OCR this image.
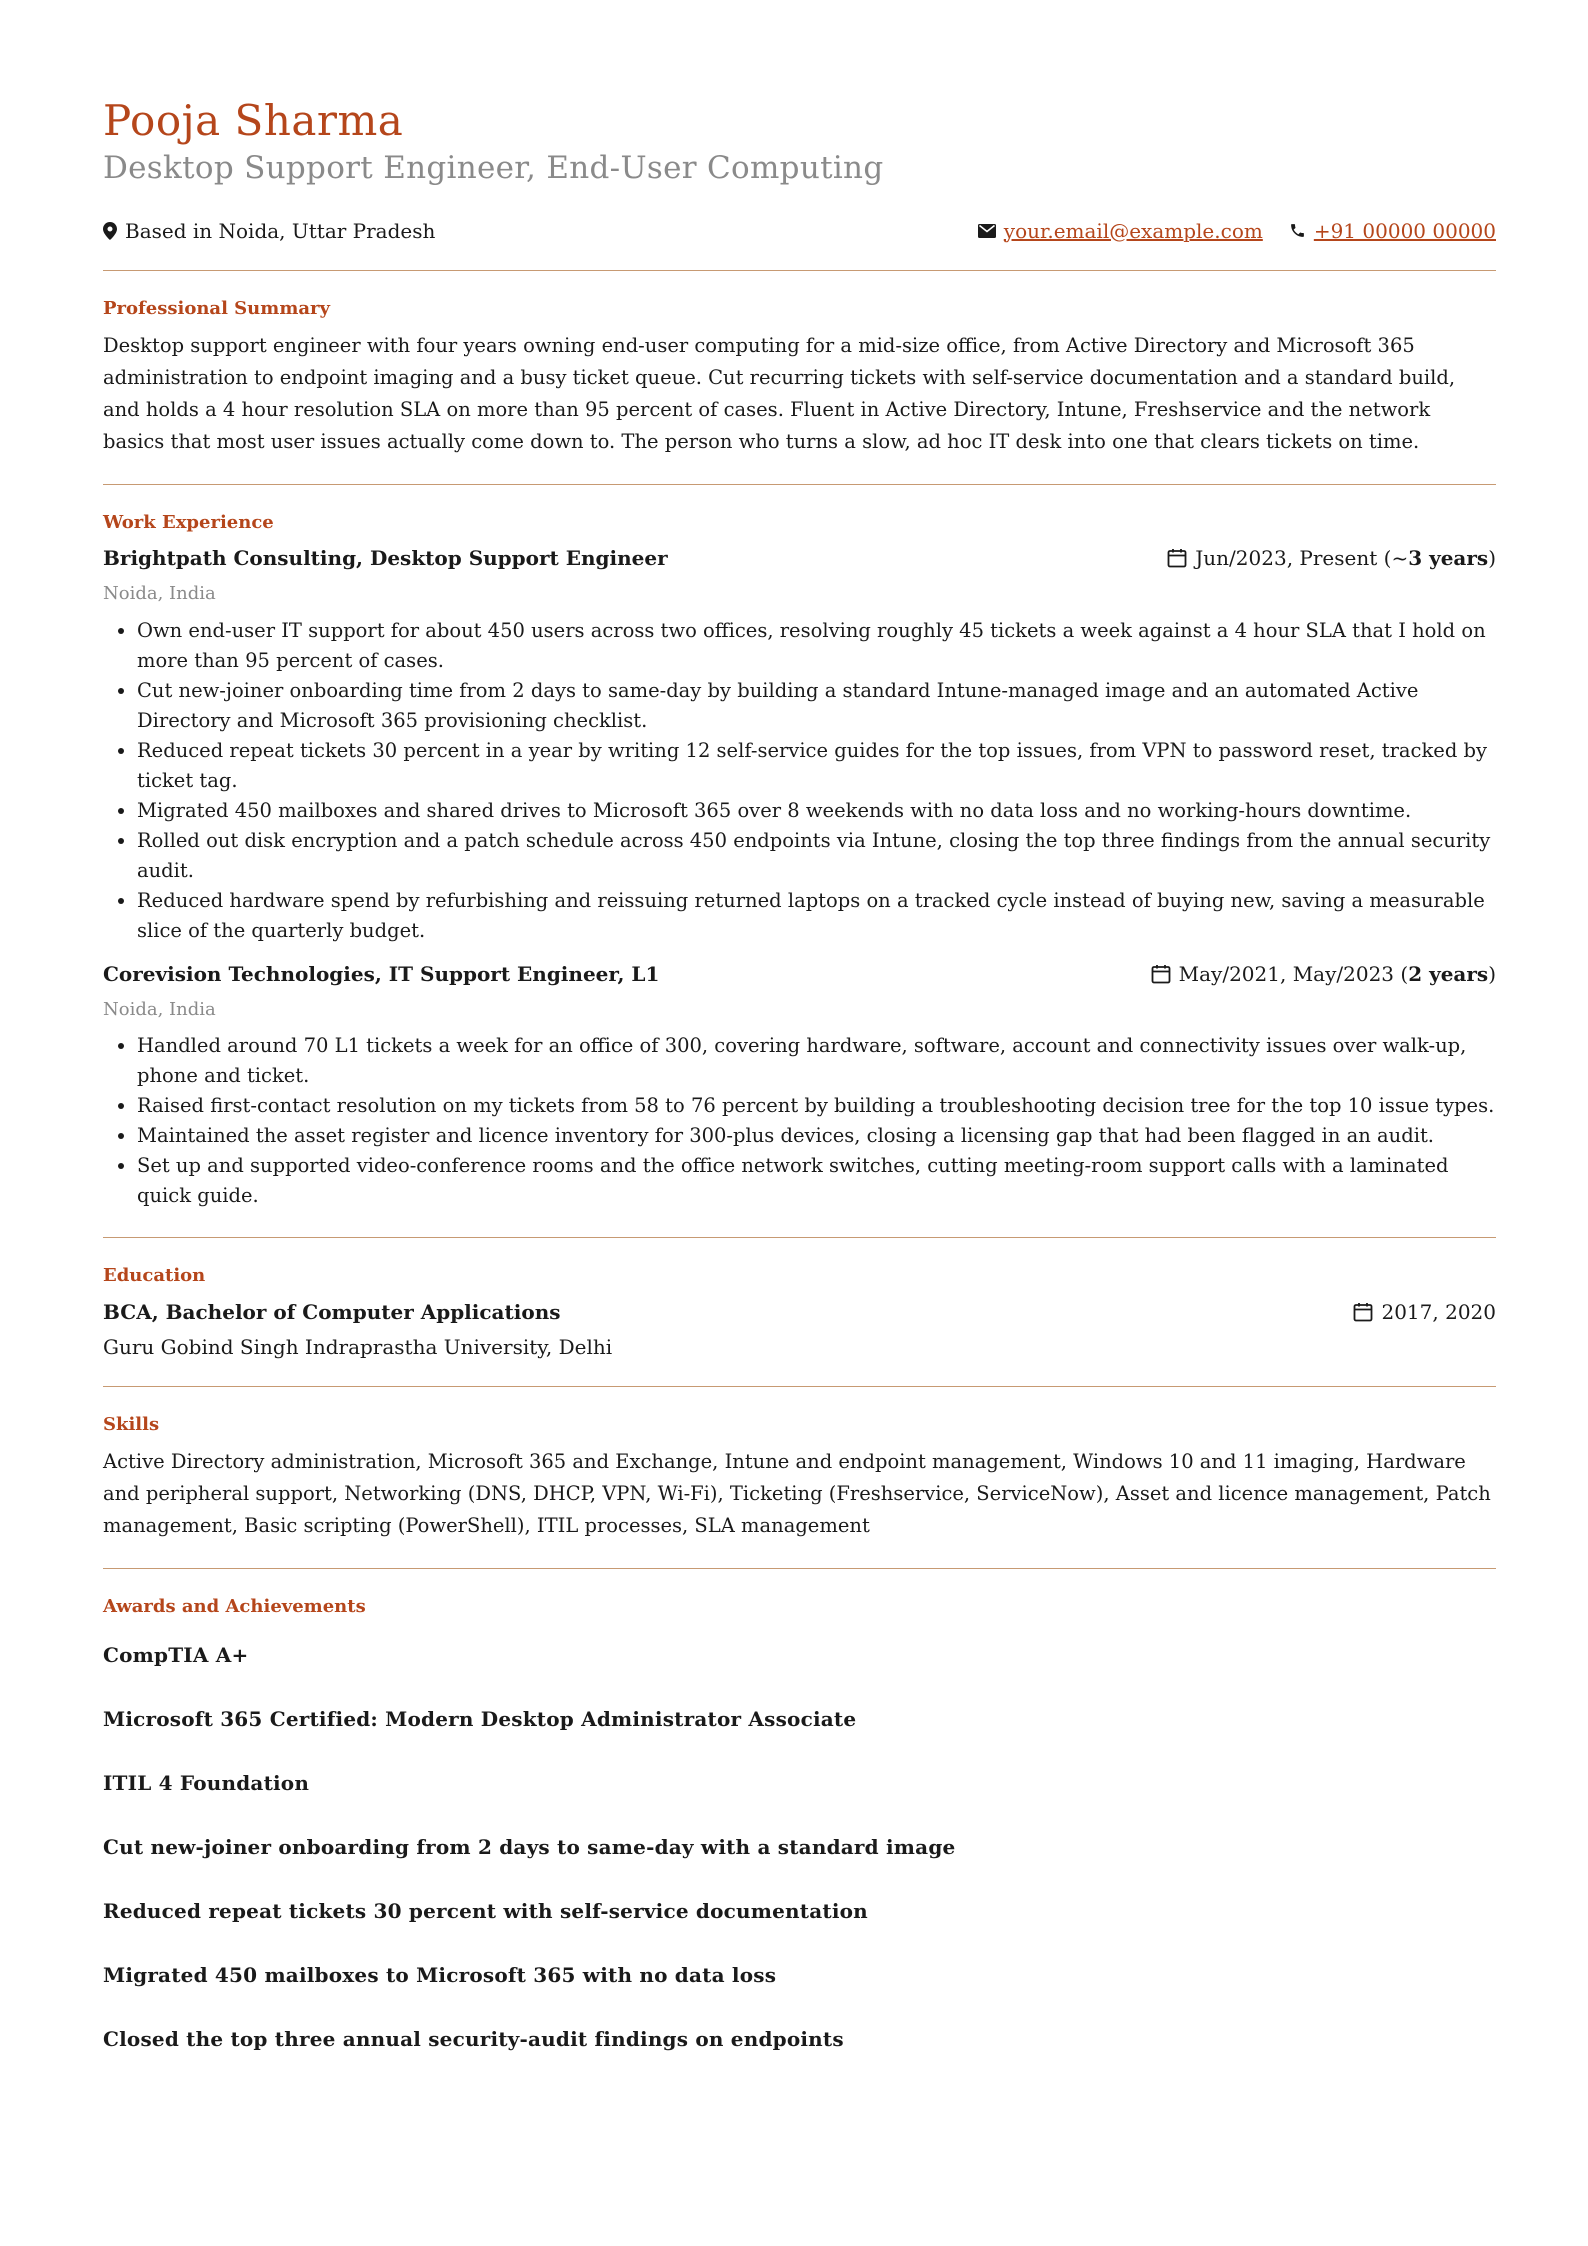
Pooja Sharma
Desktop Support Engineer, End-User Computing
Based in Noida, Uttar Pradesh	your.email@example.com	+91 00000 00000
Professional Summary

Desktop support engineer with four years owning end-user computing for a mid-size office, from Active Directory and Microsoft 365 administration to endpoint imaging and a busy ticket queue. Cut recurring tickets with self-service documentation and a standard build, and holds a 4 hour resolution SLA on more than 95 percent of cases. Fluent in Active Directory, Intune, Freshservice and the network basics that most user issues actually come down to. The person who turns a slow, ad hoc IT desk into one that clears tickets on time.

Work Experience
Brightpath Consulting, Desktop Support Engineer	Jun/2023, Present (~ 3 years )
Noida, India
• Own end-user IT support for about 450 users across two offices, resolving roughly 45 tickets a week against a 4 hour SLA that I hold on more than 95 percent of cases.
• Cut new-joiner onboarding time from 2 days to same-day by building a standard Intune-managed image and an automated Active Directory and Microsoft 365 provisioning checklist.
• Reduced repeat tickets 30 percent in a year by writing 12 self-service guides for the top issues, from VPN to password reset, tracked by ticket tag.
• Migrated 450 mailboxes and shared drives to Microsoft 365 over 8 weekends with no data loss and no working-hours downtime.
• Rolled out disk encryption and a patch schedule across 450 endpoints via Intune, closing the top three findings from the annual security audit.
• Reduced hardware spend by refurbishing and reissuing returned laptops on a tracked cycle instead of buying new, saving a measurable slice of the quarterly budget.
Corevision Technologies, IT Support Engineer, L1	May/2021, May/2023 ( 2 years )
Noida, India
• Handled around 70 L1 tickets a week for an office of 300, covering hardware, software, account and connectivity issues over walk-up, phone and ticket.
• Raised first-contact resolution on my tickets from 58 to 76 percent by building a troubleshooting decision tree for the top 10 issue types.
• Maintained the asset register and licence inventory for 300-plus devices, closing a licensing gap that had been flagged in an audit.
• Set up and supported video-conference rooms and the office network switches, cutting meeting-room support calls with a laminated quick guide.
Education
BCA, Bachelor of Computer Applications	2017, 2020
Guru Gobind Singh Indraprastha University, Delhi
Skills

Active Directory administration, Microsoft 365 and Exchange, Intune and endpoint management, Windows 10 and 11 imaging, Hardware and peripheral support, Networking (DNS, DHCP, VPN, Wi-Fi), Ticketing (Freshservice, ServiceNow), Asset and licence management, Patch management, Basic scripting (PowerShell), ITIL processes, SLA management

Awards and Achievements

CompTIA A+

Microsoft 365 Certified: Modern Desktop Administrator Associate

ITIL 4 Foundation

Cut new-joiner onboarding from 2 days to same-day with a standard image

Reduced repeat tickets 30 percent with self-service documentation

Migrated 450 mailboxes to Microsoft 365 with no data loss

Closed the top three annual security-audit findings on endpoints
